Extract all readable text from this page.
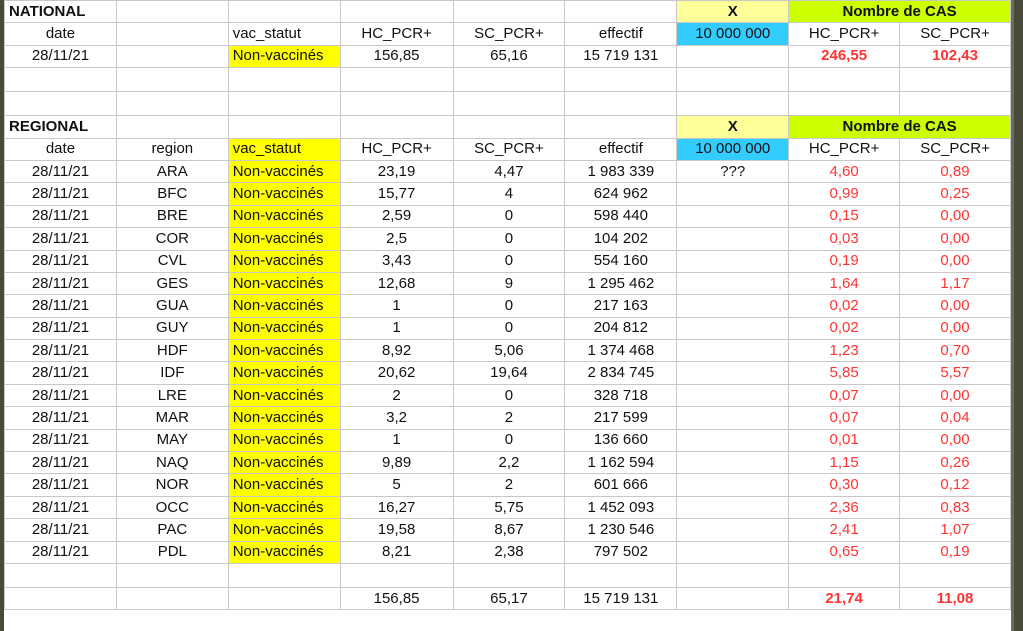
NATIONAL						X	Nombre de CAS	
date		vac_statut	HC_PCR+	SC_PCR+	effectif	10 000 000	HC_PCR+	SC_PCR+
28/11/21		Non-vaccinés	156,85	65,16	15 719 131		246,55	102,43

REGIONAL						X	Nombre de CAS	
date	region	vac_statut	HC_PCR+	SC_PCR+	effectif	10 000 000	HC_PCR+	SC_PCR+
28/11/21	ARA	Non-vaccinés	23,19	4,47	1 983 339	???	4,60	0,89
28/11/21	BFC	Non-vaccinés	15,77	4	624 962		0,99	0,25
28/11/21	BRE	Non-vaccinés	2,59	0	598 440		0,15	0,00
28/11/21	COR	Non-vaccinés	2,5	0	104 202		0,03	0,00
28/11/21	CVL	Non-vaccinés	3,43	0	554 160		0,19	0,00
28/11/21	GES	Non-vaccinés	12,68	9	1 295 462		1,64	1,17
28/11/21	GUA	Non-vaccinés	1	0	217 163		0,02	0,00
28/11/21	GUY	Non-vaccinés	1	0	204 812		0,02	0,00
28/11/21	HDF	Non-vaccinés	8,92	5,06	1 374 468		1,23	0,70
28/11/21	IDF	Non-vaccinés	20,62	19,64	2 834 745		5,85	5,57
28/11/21	LRE	Non-vaccinés	2	0	328 718		0,07	0,00
28/11/21	MAR	Non-vaccinés	3,2	2	217 599		0,07	0,04
28/11/21	MAY	Non-vaccinés	1	0	136 660		0,01	0,00
28/11/21	NAQ	Non-vaccinés	9,89	2,2	1 162 594		1,15	0,26
28/11/21	NOR	Non-vaccinés	5	2	601 666		0,30	0,12
28/11/21	OCC	Non-vaccinés	16,27	5,75	1 452 093		2,36	0,83
28/11/21	PAC	Non-vaccinés	19,58	8,67	1 230 546		2,41	1,07
28/11/21	PDL	Non-vaccinés	8,21	2,38	797 502		0,65	0,19

			156,85	65,17	15 719 131		21,74	11,08
